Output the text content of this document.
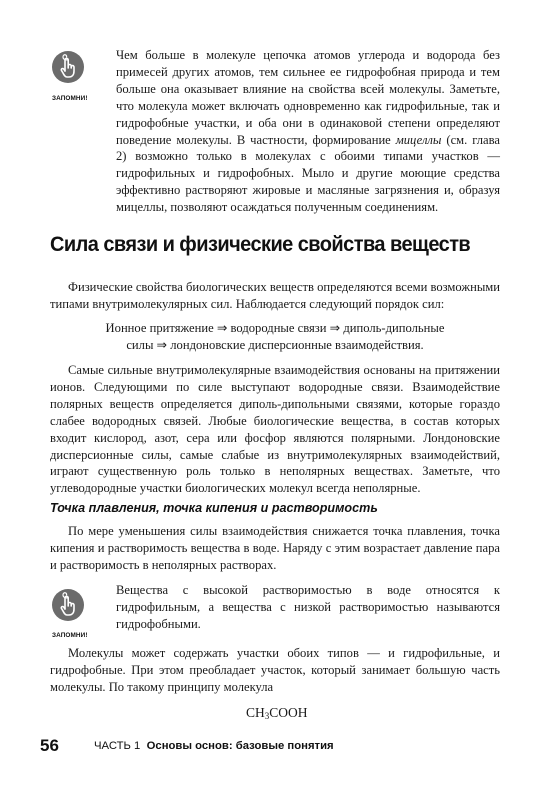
ЗАПОМНИ!
Чем больше в молекуле цепочка атомов углерода и водорода без примесей других атомов, тем сильнее ее гидрофобная природа и тем больше она оказывает влияние на свойства всей молекулы. Заметьте, что молекула может включать одновременно как гидрофильные, так и гидрофобные участки, и оба они в одинаковой степени определяют поведение молекулы. В частности, формирование мицеллы (см. глава 2) возможно только в молекулах с обоими типами участков — гидрофильных и гидрофобных. Мыло и другие моющие средства эффективно растворяют жировые и масляные загрязнения и, образуя мицеллы, позволяют осаждаться полученным соединениям.
Сила связи и физические свойства веществ

Физические свойства биологических веществ определяются всеми возможными типами внутримолекулярных сил. Наблюдается следующий порядок сил:

Ионное притяжение ⇒ водородные связи ⇒ диполь-дипольные
силы ⇒ лондоновские дисперсионные взаимодействия.

Самые сильные внутримолекулярные взаимодействия основаны на притяжении ионов. Следующими по силе выступают водородные связи. Взаимодействие полярных веществ определяется диполь-дипольными связями, которые гораздо слабее водородных связей. Любые биологические вещества, в состав которых входит кислород, азот, сера или фосфор являются полярными. Лондоновские дисперсионные силы, самые слабые из внутримолекулярных взаимодействий, играют существенную роль только в неполярных веществах. Заметьте, что углеводородные участки биологических молекул всегда неполярные.

Точка плавления, точка кипения и растворимость

По мере уменьшения силы взаимодействия снижается точка плавления, точка кипения и растворимость вещества в воде. Наряду с этим возрастает давление пара и растворимость в неполярных растворах.

ЗАПОМНИ!
Вещества с высокой растворимостью в воде относятся к гидрофильным, а вещества с низкой растворимостью называются гидрофобными.

Молекулы может содержать участки обоих типов — и гидрофильные, и гидрофобные. При этом преобладает участок, который занимает большую часть молекулы. По такому принципу молекула

$CH_3COOH$
56	ЧАСТЬ 1 Основы основ: базовые понятия
